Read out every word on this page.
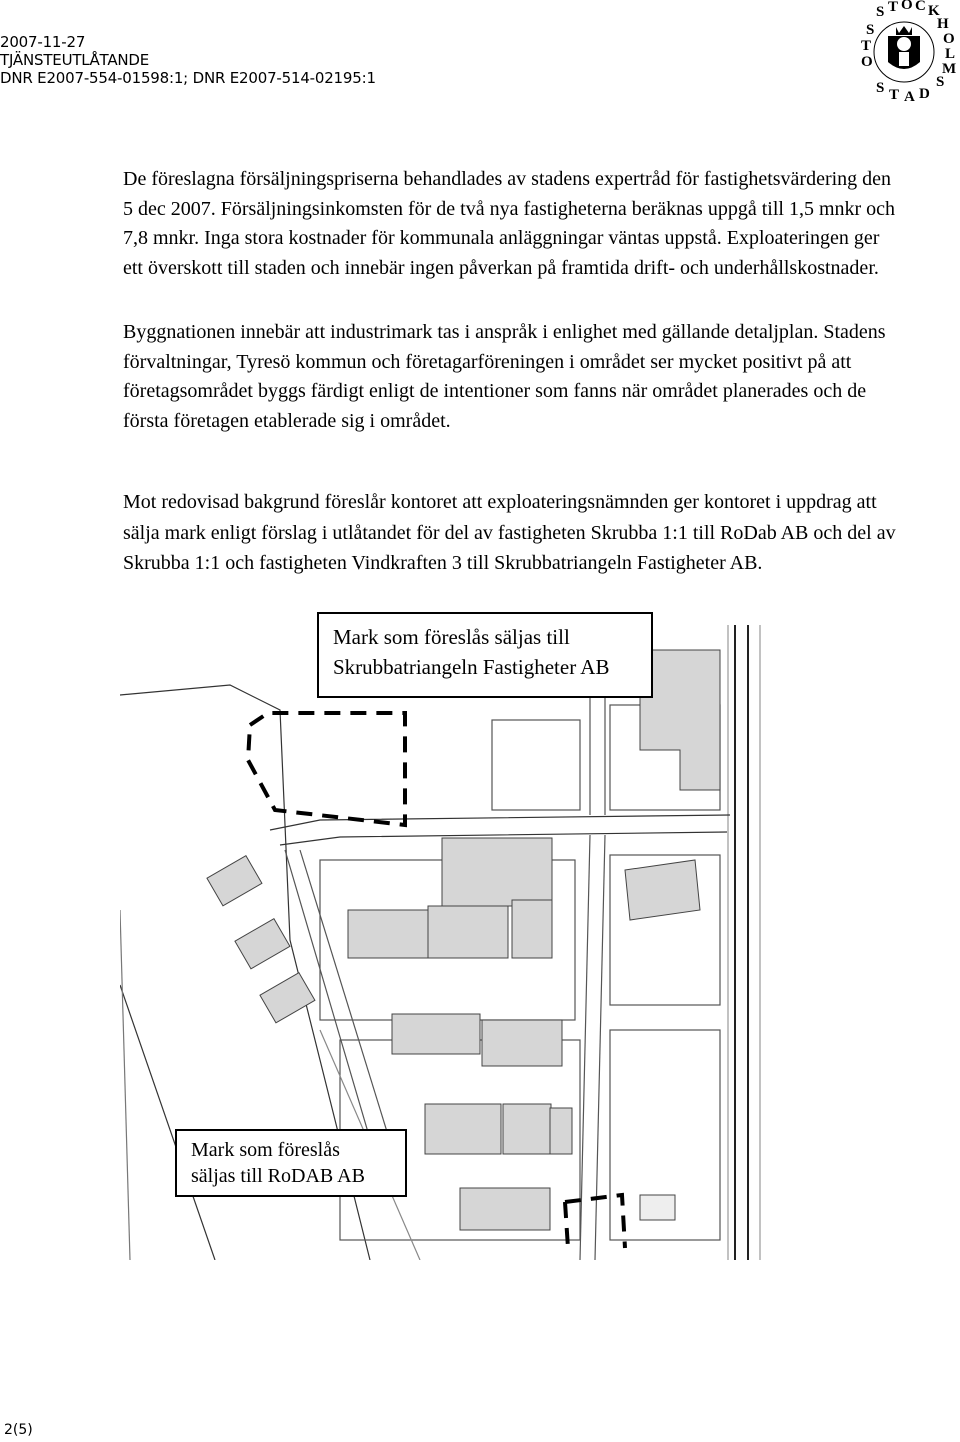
2007-11-27
TJÄNSTEUTLÅTANDE
DNR E2007-554-01598:1; DNR E2007-514-02195:1
S T O C K
H
O
L
M
S
S
T
O
S T A D

De föreslagna försäljningspriserna behandlades av stadens expertråd för fastighetsvärdering den 5 dec 2007. Försäljningsinkomsten för de två nya fastigheterna beräknas uppgå till 1,5 mnkr och 7,8 mnkr. Inga stora kostnader för kommunala anläggningar väntas uppstå. Exploateringen ger ett överskott till staden och innebär ingen påverkan på framtida drift- och underhållskostnader.

Byggnationen innebär att industrimark tas i anspråk i enlighet med gällande detaljplan. Stadens förvaltningar, Tyresö kommun och företagarföreningen i området ser mycket positivt på att företagsområdet byggs färdigt enligt de intentioner som fanns när området planerades och de första företagen etablerade sig i området.

Mot redovisad bakgrund föreslår kontoret att exploateringsnämnden ger kontoret i uppdrag att sälja mark enligt förslag i utlåtandet för del av fastigheten Skrubba 1:1 till RoDab AB och del av Skrubba 1:1 och fastigheten Vindkraften 3 till Skrubbatriangeln Fastigheter AB.

Mark som föreslås säljas till
Skrubbatriangeln Fastigheter AB
Mark som föreslås
säljas till RoDAB AB
2(5)
